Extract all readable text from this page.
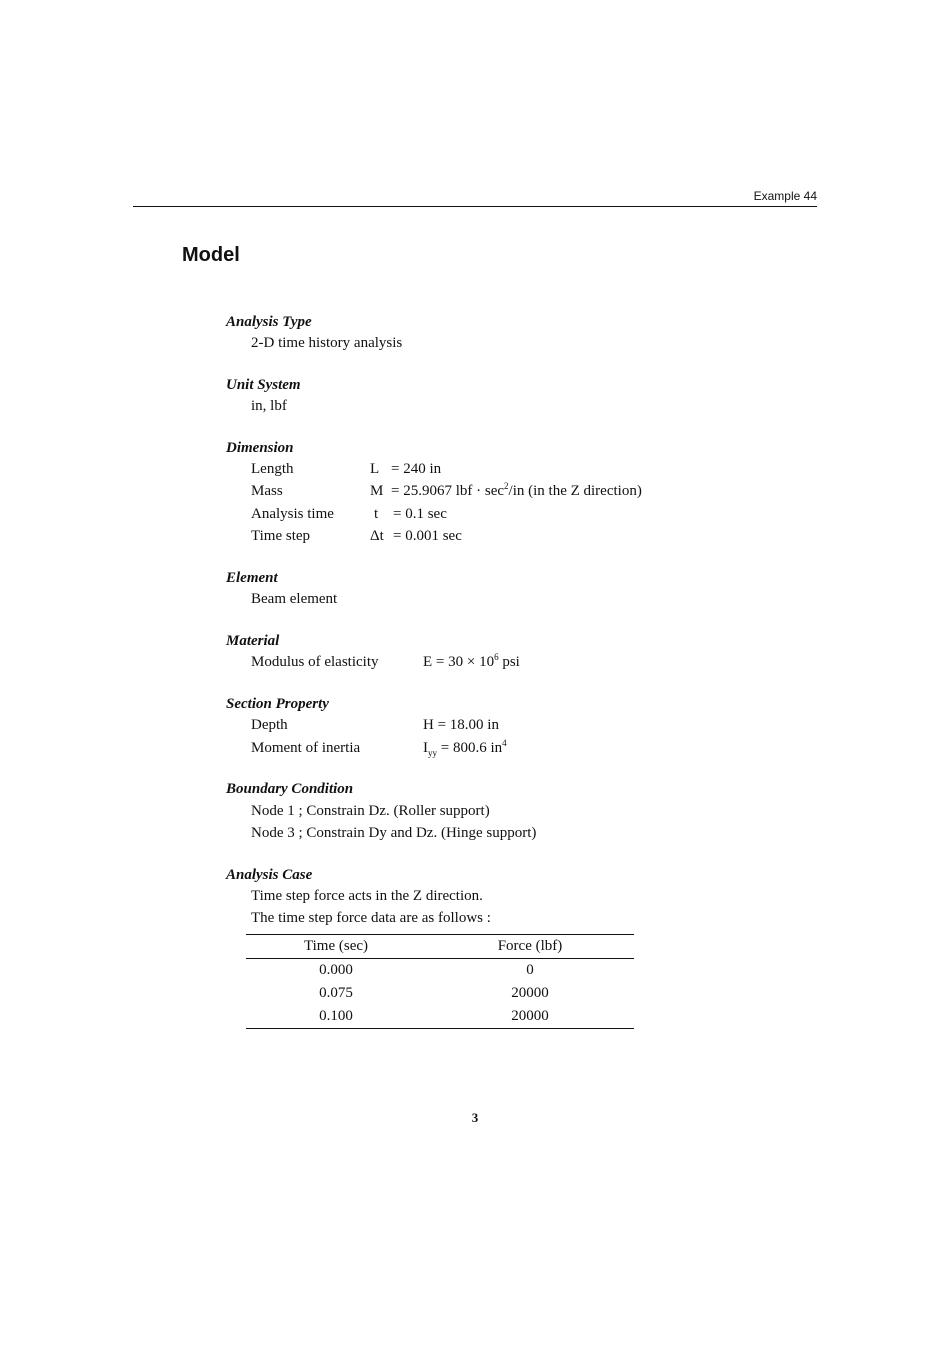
Example 44
Model
Analysis Type
2-D time history analysis
Unit System
in, lbf
Dimension
Length	L = 240 in
Mass	M = 25.9067 lbf · $\sec^2/in$ (in the Z direction)
Analysis time	t = 0.1 sec
Time step	Δt = 0.001 sec
Element
Beam element
Material
Modulus of elasticity	$E = 30 \times 10^6$ psi
Section Property
Depth	H = 18.00 in
Moment of inertia	$I_{yy} = 800.6$ $in^4$
Boundary Condition
Node 1 ; Constrain Dz. (Roller support)
Node 3 ; Constrain Dy and Dz. (Hinge support)
Analysis Case
Time step force acts in the Z direction.
The time step force data are as follows :
Time (sec)	Force (lbf)
0.000	0
0.075	20000
0.100	20000
3
